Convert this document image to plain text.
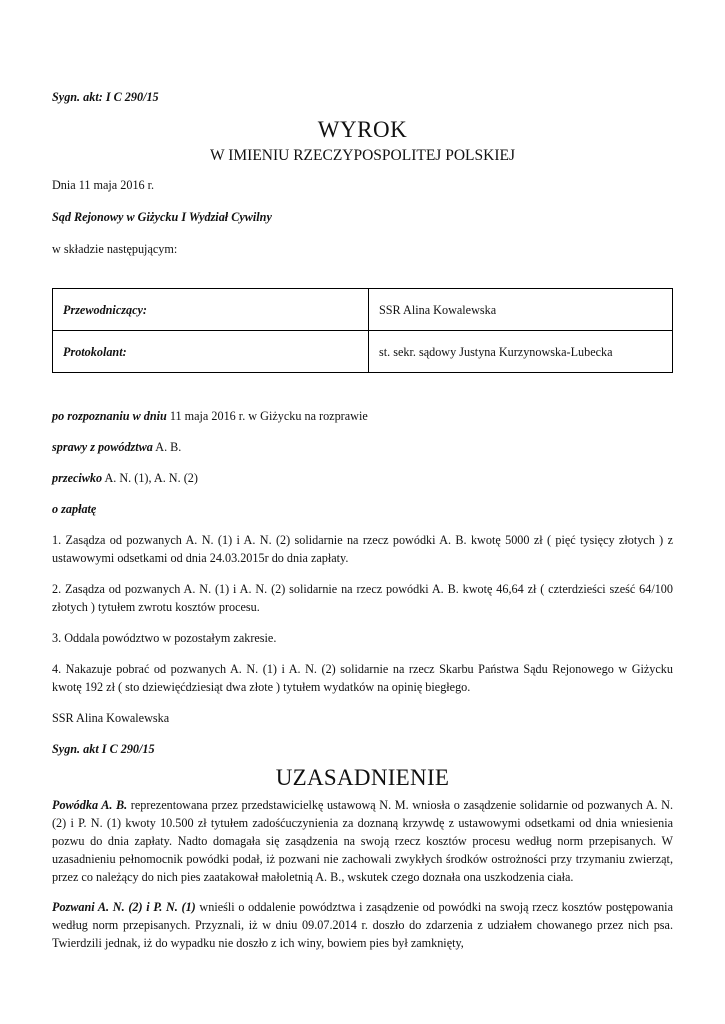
Sygn. akt: I C 290/15

WYROK

W IMIENIU RZECZYPOSPOLITEJ POLSKIEJ

Dnia 11 maja 2016 r.

Sąd Rejonowy w Giżycku I Wydział Cywilny

w składzie następującym:

Przewodniczący:	SSR Alina Kowalewska
Protokolant:	st. sekr. sądowy Justyna Kurzynowska-Lubecka

po rozpoznaniu w dniu 11 maja 2016 r. w Giżycku na rozprawie

sprawy z powództwa A. B.

przeciwko A. N. (1), A. N. (2)

o zapłatę

1. Zasądza od pozwanych A. N. (1) i A. N. (2) solidarnie na rzecz powódki A. B. kwotę 5000 zł ( pięć tysięcy złotych ) z ustawowymi odsetkami od dnia 24.03.2015r do dnia zapłaty.

2. Zasądza od pozwanych A. N. (1) i A. N. (2) solidarnie na rzecz powódki A. B. kwotę 46,64 zł ( czterdzieści sześć 64/100 złotych ) tytułem zwrotu kosztów procesu.

3. Oddala powództwo w pozostałym zakresie.

4. Nakazuje pobrać od pozwanych A. N. (1) i A. N. (2) solidarnie na rzecz Skarbu Państwa Sądu Rejonowego w Giżycku kwotę 192 zł ( sto dziewięćdziesiąt dwa złote ) tytułem wydatków na opinię biegłego.

SSR Alina Kowalewska

Sygn. akt I C 290/15

UZASADNIENIE

Powódka A. B. reprezentowana przez przedstawicielkę ustawową N. M. wniosła o zasądzenie solidarnie od pozwanych A. N. (2) i P. N. (1) kwoty 10.500 zł tytułem zadośćuczynienia za doznaną krzywdę z ustawowymi odsetkami od dnia wniesienia pozwu do dnia zapłaty. Nadto domagała się zasądzenia na swoją rzecz kosztów procesu według norm przepisanych. W uzasadnieniu pełnomocnik powódki podał, iż pozwani nie zachowali zwykłych środków ostrożności przy trzymaniu zwierząt, przez co należący do nich pies zaatakował małoletnią A. B., wskutek czego doznała ona uszkodzenia ciała.

Pozwani A. N. (2) i P. N. (1) wnieśli o oddalenie powództwa i zasądzenie od powódki na swoją rzecz kosztów postępowania według norm przepisanych. Przyznali, iż w dniu 09.07.2014 r. doszło do zdarzenia z udziałem chowanego przez nich psa. Twierdzili jednak, iż do wypadku nie doszło z ich winy, bowiem pies był zamknięty,
